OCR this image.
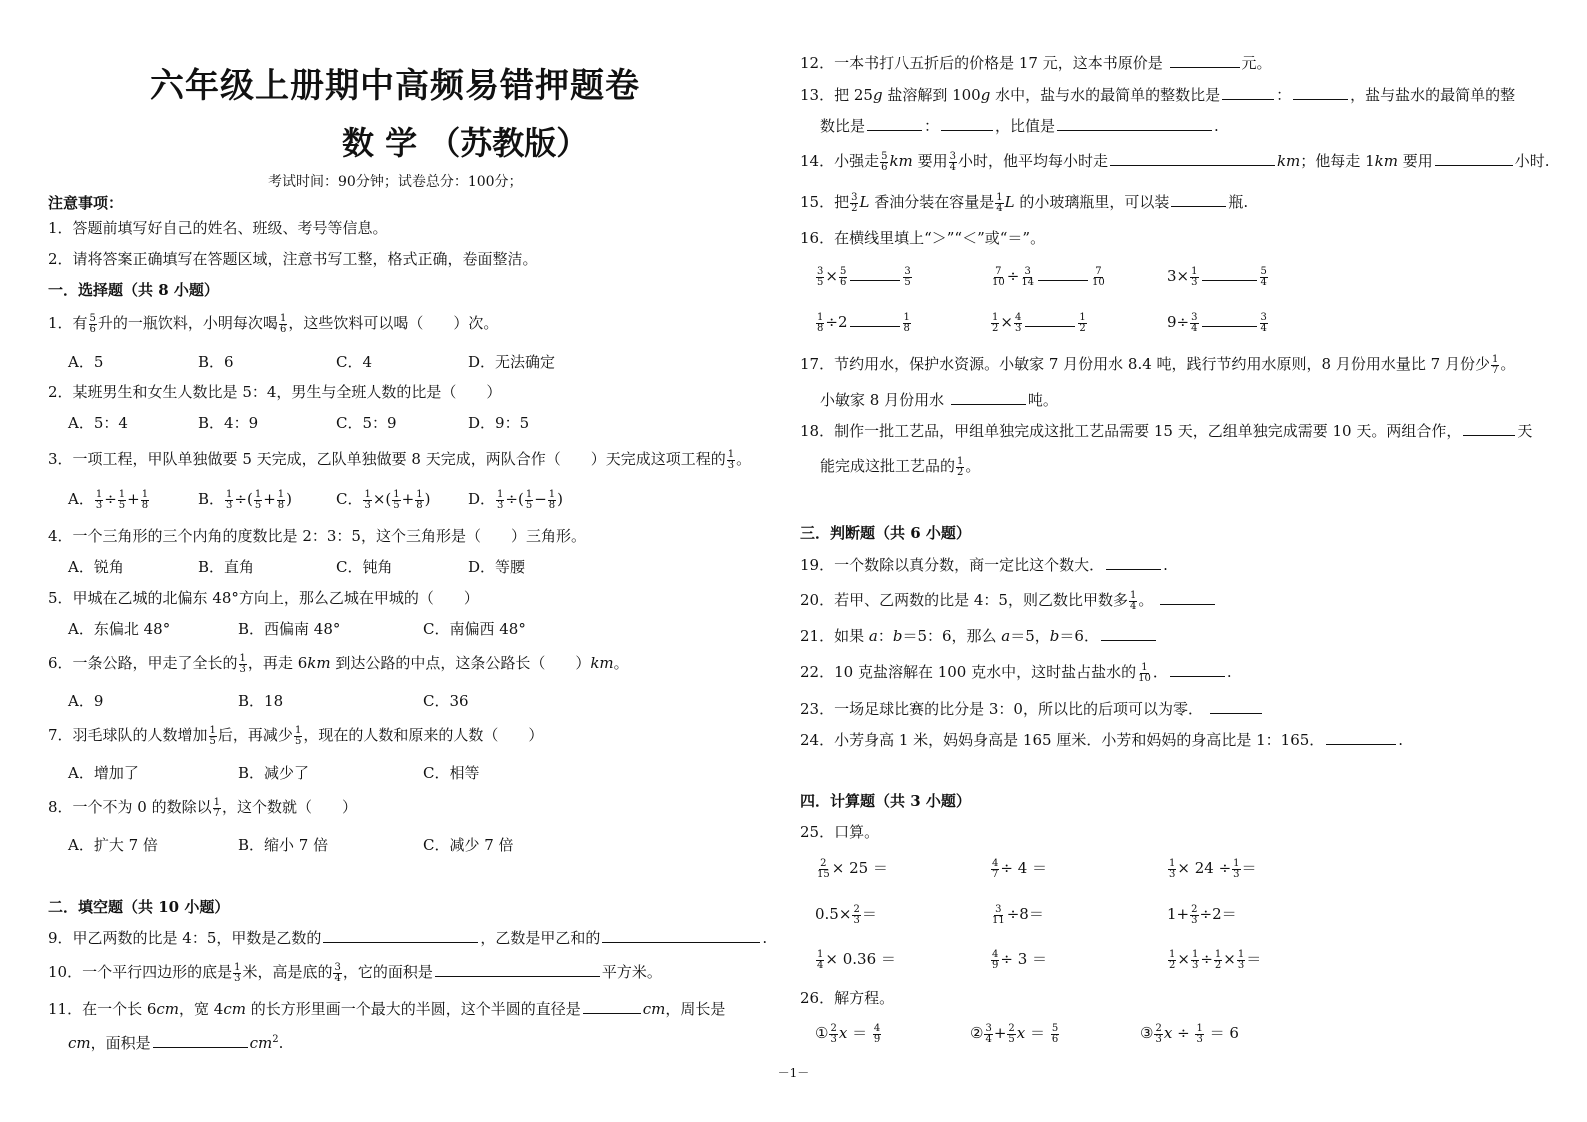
六年级上册期中高频易错押题卷
数 学 （苏教版）
考试时间：90分钟；试卷总分：100分；
注意事项：
1．答题前填写好自己的姓名、班级、考号等信息。
2．请将答案正确填写在答题区域，注意书写工整，格式正确，卷面整洁。
一．选择题（共 8 小题）
1．有 $\frac{5}{6}$ 升的一瓶饮料，小明每次喝 $\frac{1}{6}$ ，这些饮料可以喝（　　）次。
A．5	B．6	C．4	D．无法确定
2．某班男生和女生人数比是 5：4，男生与全班人数的比是（　　）
A．5：4	B．4：9	C．5：9	D．9：5
3．一项工程，甲队单独做要 5 天完成，乙队单独做要 8 天完成，两队合作（　　）天完成这项工程的 $\frac{1}{3}$ 。
A． $\frac{1}{3} \div \frac{1}{5} + \frac{1}{8}$	B． $\frac{1}{3}$ ÷( $\frac{1}{5} + \frac{1}{8}$ )	C． $\frac{1}{3}$ ×( $\frac{1}{5} + \frac{1}{8}$ )	D． $\frac{1}{3}$ ÷( $\frac{1}{5} - \frac{1}{8}$ )
4．一个三角形的三个内角的度数比是 2：3：5，这个三角形是（　　）三角形。
A．锐角	B．直角	C．钝角	D．等腰
5．甲城在乙城的北偏东 48°方向上，那么乙城在甲城的（　　）
A．东偏北 48°	B．西偏南 48°	C．南偏西 48°
6．一条公路，甲走了全长的 $\frac{1}{3}$ ，再走 6km 到达公路的中点，这条公路长（　　）km。
A．9	B．18	C．36
7．羽毛球队的人数增加 $\frac{1}{5}$ 后，再减少 $\frac{1}{5}$ ，现在的人数和原来的人数（　　）
A．增加了	B．减少了	C．相等
8．一个不为 0 的数除以 $\frac{1}{7}$ ，这个数就（　　）
A．扩大 7 倍	B．缩小 7 倍	C．减少 7 倍
二．填空题（共 10 小题）
9．甲乙两数的比是 4：5，甲数是乙数的	，乙数是甲乙和的	.
10．一个平行四边形的底是 $\frac{1}{3}$ 米，高是底的 $\frac{3}{4}$ ，它的面积是	平方米。
11．在一个长 6cm，宽 4cm 的长方形里画一个最大的半圆，这个半圆的直径是	cm，周长是
cm，面积是	$cm^2$.
12．一本书打八五折后的价格是 17 元，这本书原价是	元。
13．把 25g 盐溶解到 100g 水中，盐与水的最简单的整数比是	：	，盐与盐水的最简单的整
数比是	：	，比值是	.
14．小强走 $\frac{5}{6}$ km 要用 $\frac{3}{4}$ 小时，他平均每小时走	km；他每走 1km 要用	小时.
15．把 $\frac{3}{2}$ L 香油分装在容量是 $\frac{1}{4}$ L 的小玻璃瓶里，可以装	瓶.
16．在横线里填上“＞”“＜”或“＝”。
$\frac{3}{5} \times \frac{5}{6}$	$\frac{3}{5}$	$\frac{7}{10} \div \frac{3}{14}$	$\frac{7}{10}$	$3\times \frac{1}{3}$	$\frac{5}{4}$
$\frac{1}{8} \div 2$	$\frac{1}{8}$	$\frac{1}{2} \times \frac{4}{3}$	$\frac{1}{2}$	$9\div \frac{3}{4}$	$\frac{3}{4}$
17．节约用水，保护水资源。小敏家 7 月份用水 8.4 吨，践行节约用水原则，8 月份用水量比 7 月份少 $\frac{1}{7}$ 。
小敏家 8 月份用水	吨。
18．制作一批工艺品，甲组单独完成这批工艺品需要 15 天，乙组单独完成需要 10 天。两组合作，	天
能完成这批工艺品的 $\frac{1}{2}$ 。
三．判断题（共 6 小题）
19．一个数除以真分数，商一定比这个数大．	.
20．若甲、乙两数的比是 4：5，则乙数比甲数多 $\frac{1}{4}$ 。
21．如果 a：b＝5：6，那么 a＝5，b＝6．
22．10 克盐溶解在 100 克水中，这时盐占盐水的 $\frac{1}{10}$ ．	.
23．一场足球比赛的比分是 3：0，所以比的后项可以为零．
24．小芳身高 1 米，妈妈身高是 165 厘米．小芳和妈妈的身高比是 1：165．	.
四．计算题（共 3 小题）
25．口算。
$\frac{2}{15} \times 25$ ＝	$\frac{4}{7} \div 4$ ＝	$\frac{1}{3} \times 24 \div \frac{1}{3}$ ＝
$0.5\times \frac{2}{3}$ ＝	$\frac{3}{11} \div 8=$	$1+ \frac{2}{3} \div 2=$
$\frac{1}{4} \times 0.36$ ＝	$\frac{4}{9} \div 3$ ＝	$\frac{1}{2} \times \frac{1}{3} \div \frac{1}{2} \times \frac{1}{3}$ ＝
26．解方程。
① $\frac{2}{3}$ $x = \frac{4}{9}$	② $\frac{3}{4} + \frac{2}{5}$ $x = \frac{5}{6}$	③ $\frac{2}{3}$ $x \div \frac{1}{3} = 6$
－1－
